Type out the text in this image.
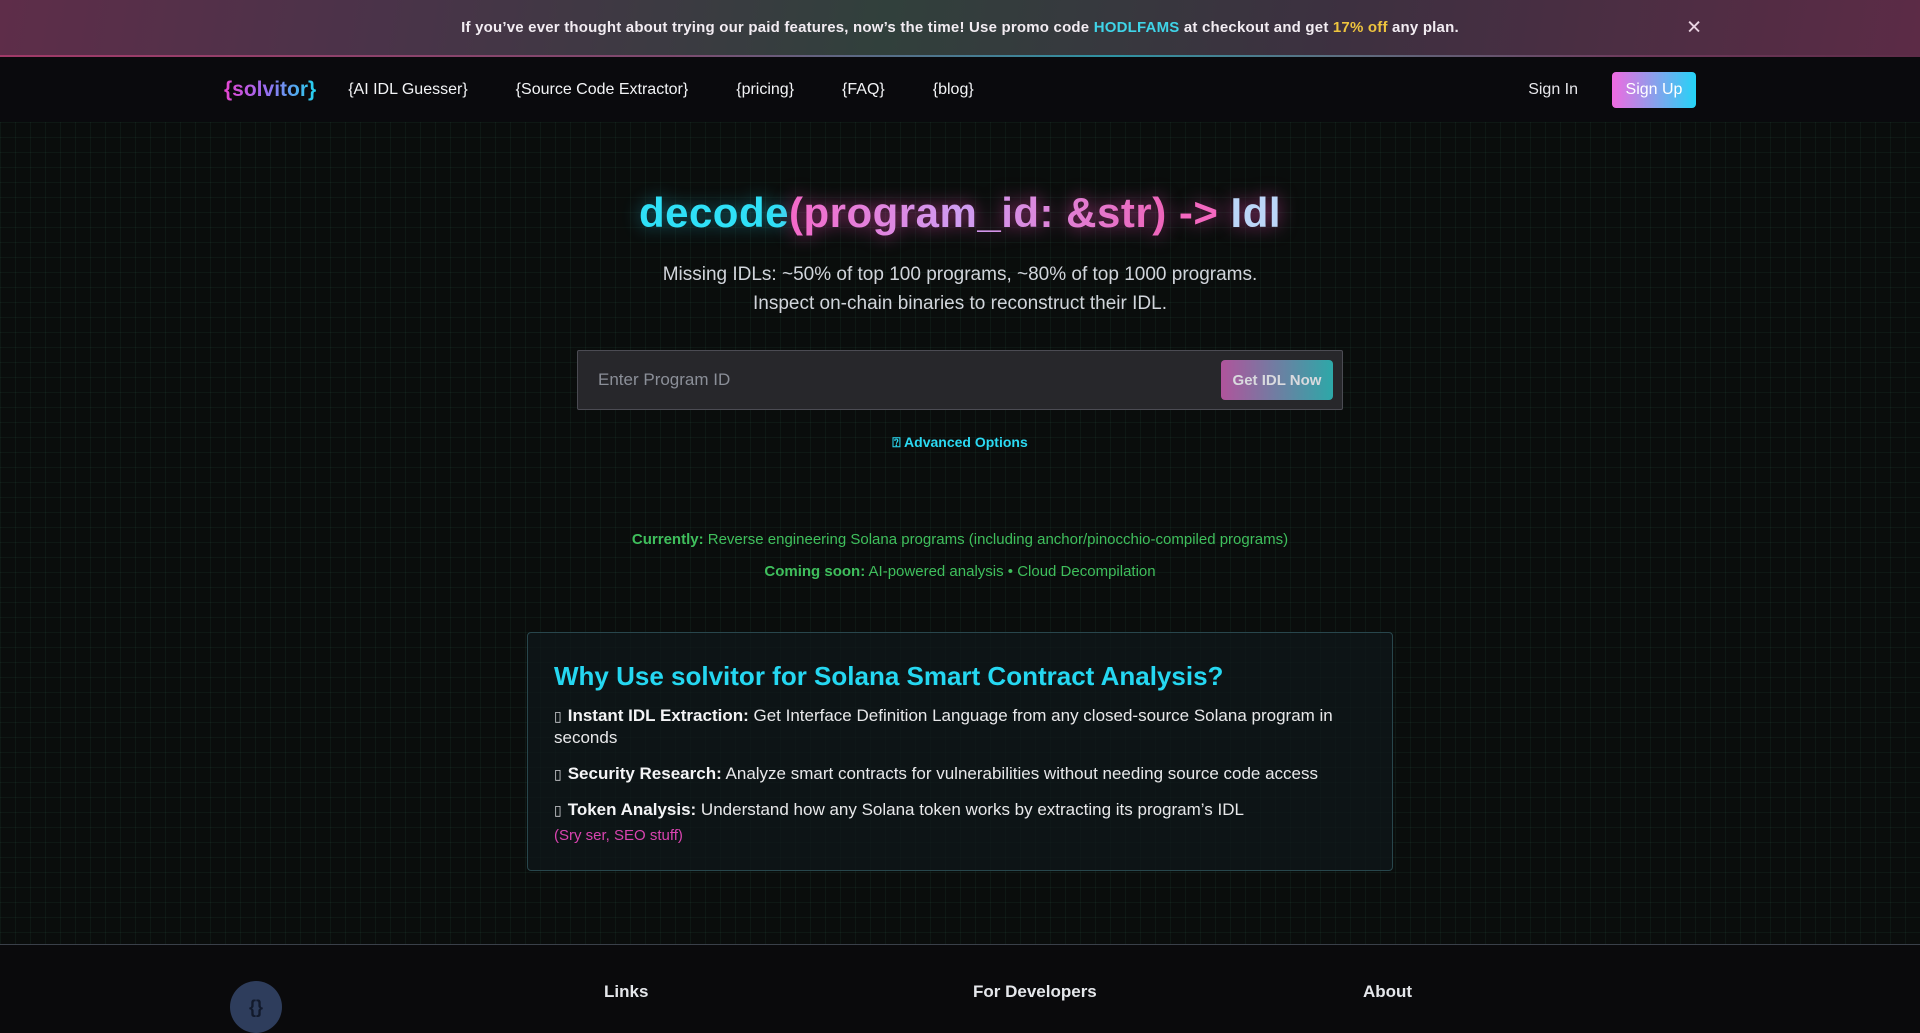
If you’ve ever thought about trying our paid features, now’s the time! Use promo code HODLFAMS at checkout and get 17% off any plan.	✕
{solvitor} {AI IDL Guesser}	{Source Code Extractor}	{pricing}	{FAQ}	{blog}	Sign In	Sign Up
decode(program_id: &str) -> Idl
Missing IDLs: ~50% of top 100 programs, ~80% of top 1000 programs.
Inspect on-chain binaries to reconstruct their IDL.
Enter Program ID
Get IDL Now
⍰ Advanced Options
Currently: Reverse engineering Solana programs (including anchor/pinocchio-compiled programs)
Coming soon: AI-powered analysis • Cloud Decompilation
Why Use solvitor for Solana Smart Contract Analysis?
▯ Instant IDL Extraction: Get Interface Definition Language from any closed-source Solana program in seconds
▯ Security Research: Analyze smart contracts for vulnerabilities without needing source code access
▯ Token Analysis: Understand how any Solana token works by extracting its program’s IDL
(Sry ser, SEO stuff)
{}
Links	For Developers	About
